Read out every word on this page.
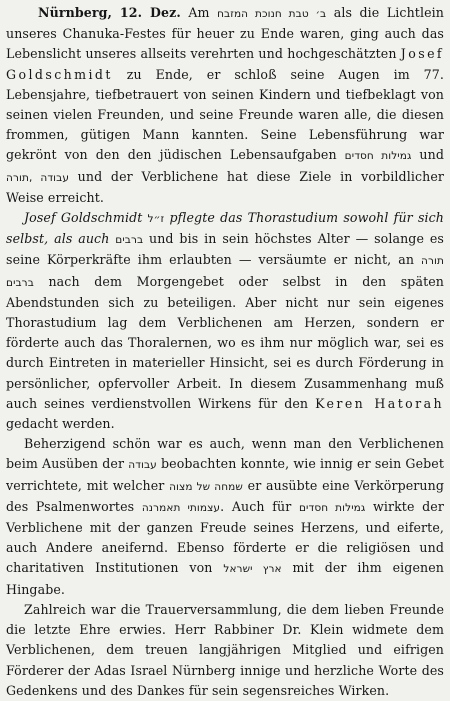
Nürnberg, 12. Dez. Am ב׳ טבת חנוכת המזבח als die Lichtlein unseres Chanuka-Festes für heuer zu Ende waren, ging auch das Lebenslicht unseres allseits verehrten und hochgeschätzten Josef Goldschmidt zu Ende, er schloß seine Augen im 77. Lebensjahre, tiefbetrauert von seinen Kindern und tiefbeklagt von seinen vielen Freunden, und seine Freunde waren alle, die diesen frommen, gütigen Mann kannten. Seine Lebensführung war gekrönt von den den jüdischen Lebensaufgaben גמילות חסדים und עבודה ,תורה und der Verblichene hat diese Ziele in vorbildlicher Weise erreicht.

Josef Goldschmidt ז״ל pflegte das Thorastudium sowohl für sich selbst, als auch ברבים und bis in sein höchstes Alter — solange es seine Körperkräfte ihm erlaubten — versäumte er nicht, an תורה ברבים nach dem Morgengebet oder selbst in den späten Abendstunden sich zu beteiligen. Aber nicht nur sein eigenes Thorastudium lag dem Verblichenen am Herzen, sondern er förderte auch das Thoralernen, wo es ihm nur möglich war, sei es durch Eintreten in materieller Hinsicht, sei es durch Förderung in persönlicher, opfervoller Arbeit. In diesem Zusammenhang muß auch seines verdienstvollen Wirkens für den Keren Hatorah gedacht werden.

Beherzigend schön war es auch, wenn man den Verblichenen beim Ausüben der עבודה beobachten konnte, wie innig er sein Gebet verrichtete, mit welcher שמחה של מצוה er ausübte eine Verkörperung des Psalmenwortes עצמותי תאמרנה. Auch für גמילות חסדים wirkte der Verblichene mit der ganzen Freude seines Herzens, und eiferte, auch Andere aneifernd. Ebenso förderte er die religiösen und charitativen Institutionen von ארץ ישראל mit der ihm eigenen Hingabe.

Zahlreich war die Trauerversammlung, die dem lieben Freunde die letzte Ehre erwies. Herr Rabbiner Dr. Klein widmete dem Verblichenen, dem treuen langjährigen Mitglied und eifrigen Förderer der Adas Israel Nürnberg innige und herzliche Worte des Gedenkens und des Dankes für sein segensreiches Wirken.
